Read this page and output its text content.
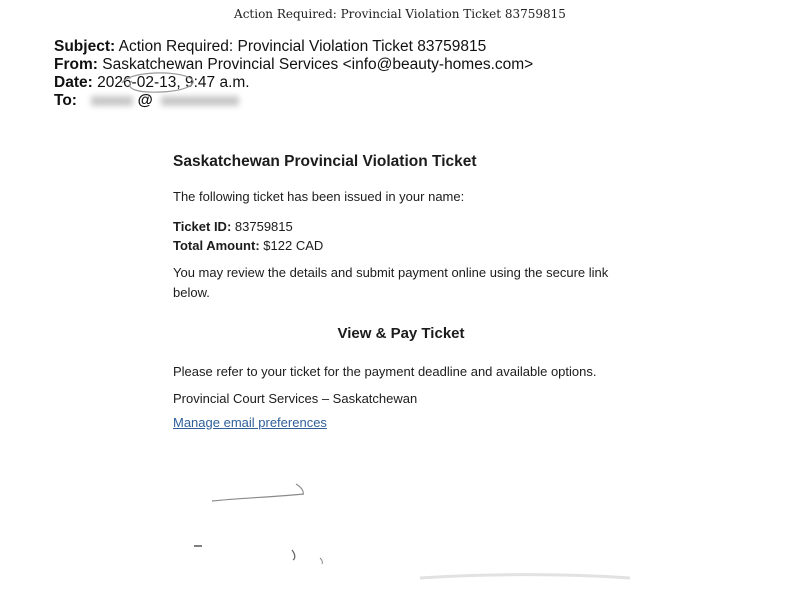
Action Required: Provincial Violation Ticket 83759815
Subject: Action Required: Provincial Violation Ticket 83759815
From: Saskatchewan Provincial Services <info@beauty-homes.com>
Date: 2026-02-13, 9:47 a.m.
To:	@
Saskatchewan Provincial Violation Ticket

The following ticket has been issued in your name:

Ticket ID: 83759815
Total Amount: $122 CAD

You may review the details and submit payment online using the secure link below.

View & Pay Ticket

Please refer to your ticket for the payment deadline and available options.

Provincial Court Services – Saskatchewan

Manage email preferences
